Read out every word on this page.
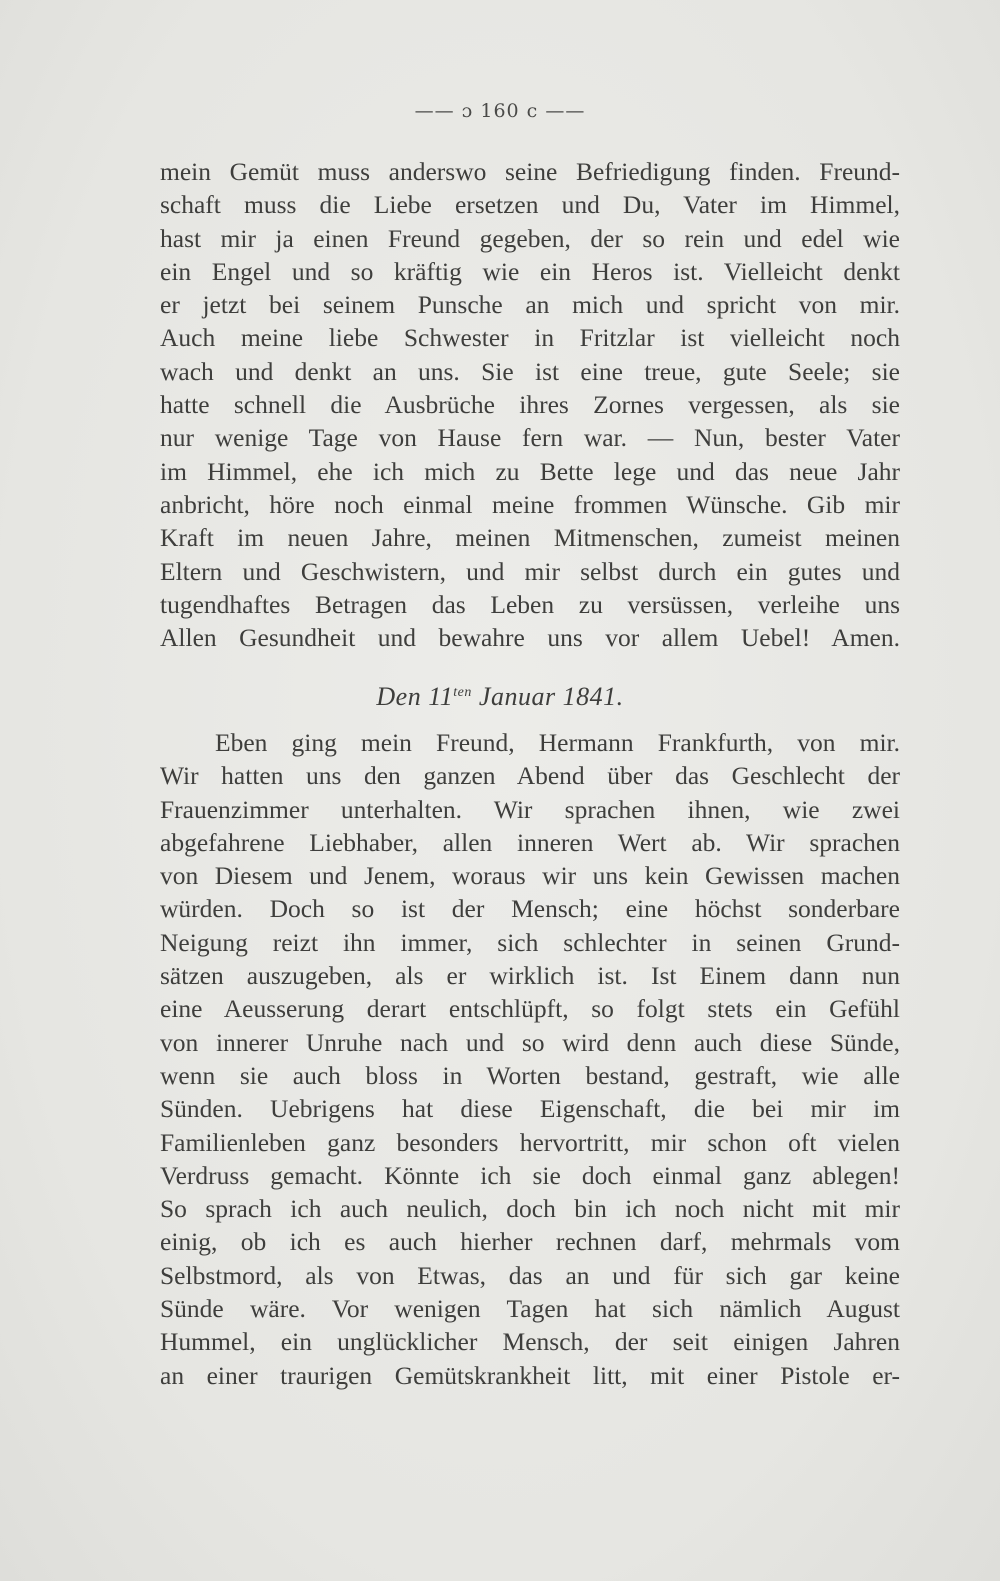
—— ɔ 160 c ——
mein Gemüt muss anderswo seine Befriedigung finden. Freund-
schaft muss die Liebe ersetzen und Du, Vater im Himmel,
hast mir ja einen Freund gegeben, der so rein und edel wie
ein Engel und so kräftig wie ein Heros ist. Vielleicht denkt
er jetzt bei seinem Punsche an mich und spricht von mir.
Auch meine liebe Schwester in Fritzlar ist vielleicht noch
wach und denkt an uns. Sie ist eine treue, gute Seele; sie
hatte schnell die Ausbrüche ihres Zornes vergessen, als sie
nur wenige Tage von Hause fern war. — Nun, bester Vater
im Himmel, ehe ich mich zu Bette lege und das neue Jahr
anbricht, höre noch einmal meine frommen Wünsche. Gib mir
Kraft im neuen Jahre, meinen Mitmenschen, zumeist meinen
Eltern und Geschwistern, und mir selbst durch ein gutes und
tugendhaftes Betragen das Leben zu versüssen, verleihe uns
Allen Gesundheit und bewahre uns vor allem Uebel! Amen.
Den $11^{ten}$ Januar 1841.
Eben ging mein Freund, Hermann Frankfurth, von mir.
Wir hatten uns den ganzen Abend über das Geschlecht der
Frauenzimmer unterhalten. Wir sprachen ihnen, wie zwei
abgefahrene Liebhaber, allen inneren Wert ab. Wir sprachen
von Diesem und Jenem, woraus wir uns kein Gewissen machen
würden. Doch so ist der Mensch; eine höchst sonderbare
Neigung reizt ihn immer, sich schlechter in seinen Grund-
sätzen auszugeben, als er wirklich ist. Ist Einem dann nun
eine Aeusserung derart entschlüpft, so folgt stets ein Gefühl
von innerer Unruhe nach und so wird denn auch diese Sünde,
wenn sie auch bloss in Worten bestand, gestraft, wie alle
Sünden. Uebrigens hat diese Eigenschaft, die bei mir im
Familienleben ganz besonders hervortritt, mir schon oft vielen
Verdruss gemacht. Könnte ich sie doch einmal ganz ablegen!
So sprach ich auch neulich, doch bin ich noch nicht mit mir
einig, ob ich es auch hierher rechnen darf, mehrmals vom
Selbstmord, als von Etwas, das an und für sich gar keine
Sünde wäre. Vor wenigen Tagen hat sich nämlich August
Hummel, ein unglücklicher Mensch, der seit einigen Jahren
an einer traurigen Gemütskrankheit litt, mit einer Pistole er-
